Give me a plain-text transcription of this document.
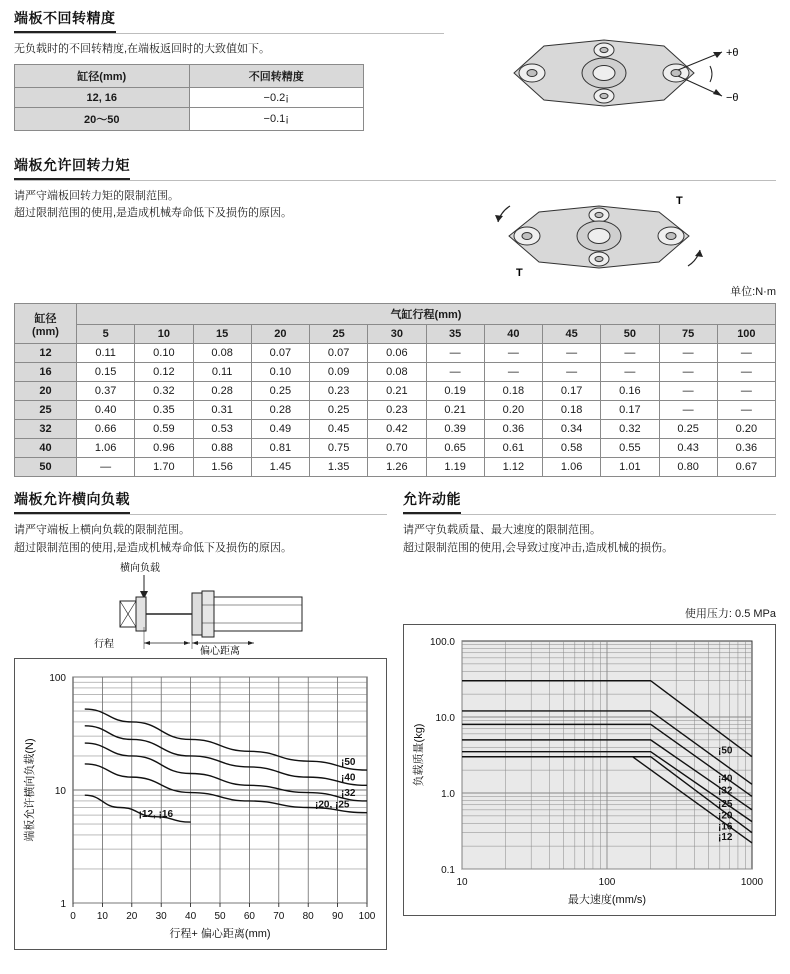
端板不回转精度
无负载时的不回转精度,在端板返回时的大致值如下。
缸径(mm)	不回转精度
12, 16	−0.2¡
20～50	−0.1¡
+θ
−θ
端板允许回转力矩
请严守端板回转力矩的限制范围。
超过限制范围的使用,是造成机械寿命低下及损伤的原因。
T
T
单位:N·m
缸径
(mm)	气缸行程(mm)											
	5	10	15	20	25	30	35	40	45	50	75	100
12	0.11	0.10	0.08	0.07	0.07	0.06	—	—	—	—	—	—
16	0.15	0.12	0.11	0.10	0.09	0.08	—	—	—	—	—	—
20	0.37	0.32	0.28	0.25	0.23	0.21	0.19	0.18	0.17	0.16	—	—
25	0.40	0.35	0.31	0.28	0.25	0.23	0.21	0.20	0.18	0.17	—	—
32	0.66	0.59	0.53	0.49	0.45	0.42	0.39	0.36	0.34	0.32	0.25	0.20
40	1.06	0.96	0.88	0.81	0.75	0.70	0.65	0.61	0.58	0.55	0.43	0.36
50	—	1.70	1.56	1.45	1.35	1.26	1.19	1.12	1.06	1.01	0.80	0.67
端板允许横向负载
请严守端板上横向负载的限制范围。
超过限制范围的使用,是造成机械寿命低下及损伤的原因。
横向负载
行程
偏心距离
0 10 20 30 40 50 60 70 80 90 100
1
10
100
行程+ 偏心距离(mm)
端板允许横向负载(N)	¡50
¡40
¡32
¡20, ¡25
¡12, ¡16
允许动能
请严守负载质量、最大速度的限制范围。
超过限制范围的使用,会导致过度冲击,造成机械的损伤。
使用压力: 0.5 MPa
10	100	1000
0.1
1.0
10.0
100.0
最大速度(mm/s)
负载质量(kg)	¡50
¡40
¡32
¡25
¡20
¡16
¡12
